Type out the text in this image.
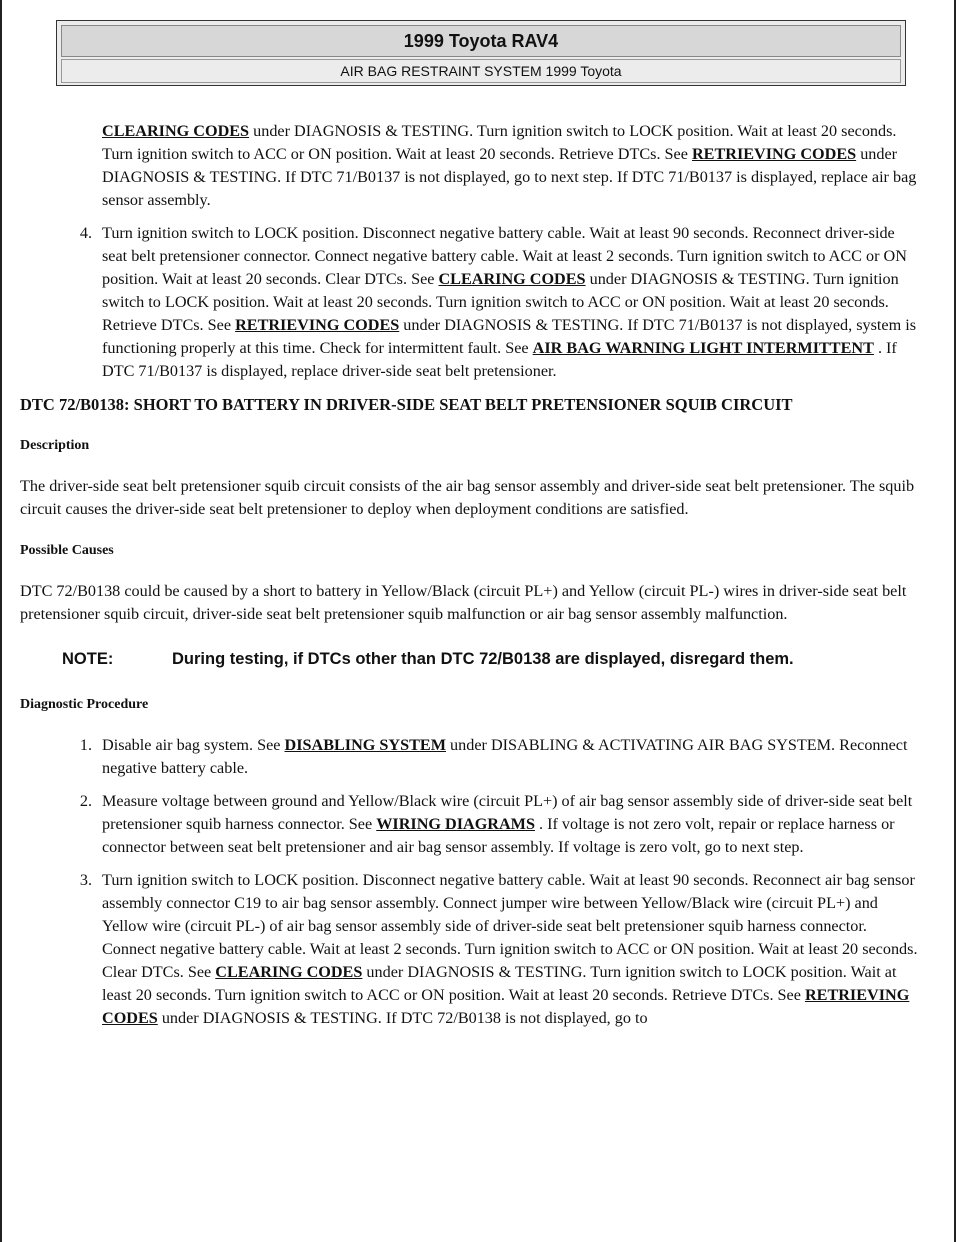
1999 Toyota RAV4
AIR BAG RESTRAINT SYSTEM 1999 Toyota
CLEARING CODES under DIAGNOSIS & TESTING. Turn ignition switch to LOCK position. Wait at least 20 seconds. Turn ignition switch to ACC or ON position. Wait at least 20 seconds. Retrieve DTCs. See RETRIEVING CODES under DIAGNOSIS & TESTING. If DTC 71/B0137 is not displayed, go to next step. If DTC 71/B0137 is displayed, replace air bag sensor assembly.
4. Turn ignition switch to LOCK position. Disconnect negative battery cable. Wait at least 90 seconds. Reconnect driver-side seat belt pretensioner connector. Connect negative battery cable. Wait at least 2 seconds. Turn ignition switch to ACC or ON position. Wait at least 20 seconds. Clear DTCs. See CLEARING CODES under DIAGNOSIS & TESTING. Turn ignition switch to LOCK position. Wait at least 20 seconds. Turn ignition switch to ACC or ON position. Wait at least 20 seconds. Retrieve DTCs. See RETRIEVING CODES under DIAGNOSIS & TESTING. If DTC 71/B0137 is not displayed, system is functioning properly at this time. Check for intermittent fault. See AIR BAG WARNING LIGHT INTERMITTENT . If DTC 71/B0137 is displayed, replace driver-side seat belt pretensioner.
DTC 72/B0138: SHORT TO BATTERY IN DRIVER-SIDE SEAT BELT PRETENSIONER SQUIB CIRCUIT
Description
The driver-side seat belt pretensioner squib circuit consists of the air bag sensor assembly and driver-side seat belt pretensioner. The squib circuit causes the driver-side seat belt pretensioner to deploy when deployment conditions are satisfied.
Possible Causes
DTC 72/B0138 could be caused by a short to battery in Yellow/Black (circuit PL+) and Yellow (circuit PL-) wires in driver-side seat belt pretensioner squib circuit, driver-side seat belt pretensioner squib malfunction or air bag sensor assembly malfunction.
NOTE:	During testing, if DTCs other than DTC 72/B0138 are displayed, disregard them.
Diagnostic Procedure
1. Disable air bag system. See DISABLING SYSTEM under DISABLING & ACTIVATING AIR BAG SYSTEM. Reconnect negative battery cable.
2. Measure voltage between ground and Yellow/Black wire (circuit PL+) of air bag sensor assembly side of driver-side seat belt pretensioner squib harness connector. See WIRING DIAGRAMS . If voltage is not zero volt, repair or replace harness or connector between seat belt pretensioner and air bag sensor assembly. If voltage is zero volt, go to next step.
3. Turn ignition switch to LOCK position. Disconnect negative battery cable. Wait at least 90 seconds. Reconnect air bag sensor assembly connector C19 to air bag sensor assembly. Connect jumper wire between Yellow/Black wire (circuit PL+) and Yellow wire (circuit PL-) of air bag sensor assembly side of driver-side seat belt pretensioner squib harness connector. Connect negative battery cable. Wait at least 2 seconds. Turn ignition switch to ACC or ON position. Wait at least 20 seconds. Clear DTCs. See CLEARING CODES under DIAGNOSIS & TESTING. Turn ignition switch to LOCK position. Wait at least 20 seconds. Turn ignition switch to ACC or ON position. Wait at least 20 seconds. Retrieve DTCs. See RETRIEVING CODES under DIAGNOSIS & TESTING. If DTC 72/B0138 is not displayed, go to
